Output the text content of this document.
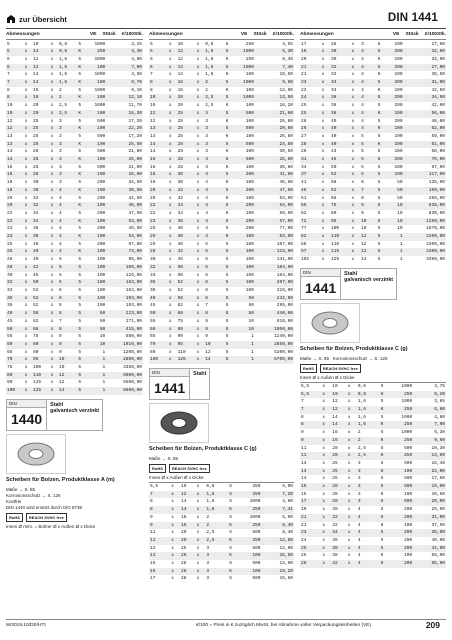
zur Übersicht	DIN 1441
Abmessungen	VE Stück €/100Stk.
5	x	10	x	0,8	5	1000	3,25
5	x	14	x	0,8	K	250	4,40
6	x	12	x	1,6	5	1000	4,80
6	x	12	x	1,6	K	100	7,00
7	x	14	x	1,6	5	1000	4,50
7	x	14	x	1,6	K	100	9,70
8	x	16	x	2	5	1000	9,10
8	x	16	x	2	K	100	12,10
10	x	20	x	2,5	5	1000	11,70
10	x	20	x	2,5	K	100	16,30
12	x	25	x	3	5	500	17,20
12	x	25	x	3	K	100	22,20
13	x	25	x	3	5	500	17,20
13	x	25	x	3	K	100	25,50
14	x	28	x	3	5	500	21,00
14	x	28	x	3	K	100	26,00
16	x	28	x	3	5	500	21,00
16	x	28	x	3	K	100	26,00
18	x	30	x	3	5	200	34,50
18	x	30	x	4	K	100	39,50
20	x	32	x	4	5	200	42,50
20	x	32	x	4	K	100	46,00
22	x	34	x	4	5	200	47,50
22	x	34	x	4	K	100	53,00
23	x	36	x	4	5	200	49,50
23	x	36	x	4	K	100	54,00
25	x	40	x	4	5	200	67,00
25	x	40	x	4	K	100	73,00
26	x	40	x	5	5	100	95,00
28	x	42	x	5	5	100	105,00
30	x	45	x	5	5	100	125,00
32	x	50	x	5	5	100	163,00
33	x	52	x	6	5	100	152,00
35	x	52	x	6	5	100	193,00
36	x	52	x	6	5	100	193,00
40	x	58	x	6	5	50	223,00
45	x	62	x	7	5	50	271,00
50	x	68	x	8	5	50	415,00
55	x	75	x	9	5	10	880,00
60	x	80	x	9	5	10	1010,00
65	x	90	x	9	5	1	1200,00
70	x	95	x	10	5	1	2800,00
75	x	100	x	10	5	1	3350,00
80	x	110	x	12	5	1	5000,00
90	x	125	x	12	5	1	5500,00
100	x	125	x	14	5	1	6600,00
DIN
1440
Stahl
galvanisch verzinkt
Scheiben für Bolzen, Produktklasse A (m)
Maße → S. 85
Korrosionsschutz → S. 126
Kostfrei
DIN 1440 wird ersetzt durch ISO 8738
RoHS	REACH SVHC free
Innen Ø m/m. = Bohrer Ø x Außen Ø x Dicke
Abmessungen	VE Stück €/100Stk.
5	x	10	x	0,8	K	250	4,55
5	x	12	x	1,6	5	1000	5,30
6	x	12	x	1,6	K	250	8,40
6	x	14	x	1,6	5	1000	7,40
7	x	14	x	1,6	K	100	10,50
8	x	16	x	2	5	1000	9,80
8	x	16	x	2	K	100	12,90
10	x	20	x	2,5	5	1000	13,50
10	x	20	x	2,5	K	100	18,20
12	x	25	x	3	5	500	21,80
12	x	25	x	3	K	100	26,80
13	x	25	x	3	5	500	20,60
13	x	25	x	3	K	100	26,80
14	x	28	x	3	5	500	24,50
14	x	28	x	3	K	100	30,50
16	x	28	x	3	5	500	25,80
16	x	28	x	3	K	100	30,80
18	x	30	x	4	5	200	41,80
18	x	30	x	4	K	100	46,80
20	x	32	x	4	5	200	47,50
20	x	32	x	4	K	100	53,00
22	x	34	x	4	5	200	54,00
22	x	34	x	4	K	100	59,00
23	x	36	x	4	5	200	57,00
25	x	40	x	4	5	200	77,00
25	x	40	x	4	K	100	83,00
26	x	40	x	5	5	100	107,00
28	x	42	x	5	5	100	115,00
30	x	45	x	5	5	100	141,00
32	x	50	x	5	5	100	184,00
33	x	50	x	5	5	100	184,00
35	x	52	x	6	5	100	207,00
36	x	52	x	6	5	100	216,00
40	x	58	x	6	5	50	242,00
45	x	62	x	7	5	50	295,00
50	x	68	x	8	5	50	440,00
55	x	75	x	9	5	10	810,00
60	x	80	x	9	5	10	1050,00
65	x	90	x	9	5	1	1240,00
70	x	95	x	10	5	1	2850,00
80	x	110	x	12	5	1	5200,00
100	x	125	x	14	5	1	6700,00
DIN
1441
Stahl
Scheiben für Bolzen, Produktklasse C (g)
Maße → S. 85
RoHS	REACH SVHC free
Innen Ø x Außen Ø x Dicke
5,5	x	10	x	0,8	5	250	6,00
7	x	12	x	1,6	5	250	7,20
8	x	14	x	1,6	5	1000	4,80
8	x	14	x	1,6	K	250	7,41
9	x	16	x	2	5	1000	5,90
9	x	16	x	2	K	250	8,40
11	x	20	x	2,5	5	500	8,40
11	x	20	x	2,5	K	250	12,60
13	x	25	x	3	5	500	12,00
13	x	25	x	3	K	100	16,50
15	x	28	x	3	5	500	13,60
15	x	28	x	3	K	100	19,20
17	x	28	x	3	5	500	16,50
Abmessungen	VE Stück €/100Stk.
17	x	28	x	3	K	100	27,50
19	x	30	x	4	5	200	32,60
20	x	30	x	4	K	100	34,00
21	x	32	x	4	5	200	27,00
21	x	32	x	4	K	100	38,50
23	x	34	x	4	5	200	31,00
23	x	34	x	4	K	100	42,50
24	x	36	x	4	5	200	34,50
25	x	38	x	4	5	200	42,00
25	x	38	x	4	K	100	56,00
26	x	40	x	4	5	200	48,00
26	x	40	x	4	K	100	62,00
27	x	40	x	5	5	100	59,00
28	x	40	x	5	K	100	61,00
29	x	43	x	5	5	100	66,00
31	x	45	x	5	5	200	76,00
34	x	50	x	5	5	100	97,00
37	x	52	x	6	5	100	117,00
41	x	58	x	6	5	50	135,00
46	x	62	x	7	5	50	199,00
51	x	68	x	8	5	50	285,00
56	x	75	x	9	5	10	638,00
62	x	80	x	9	5	10	830,00
72	x	95	x	10	5	10	1250,00
77	x	100	x	10	5	10	1970,00
82	x	110	x	12	5	1	2200,00
86	x	110	x	12	5	1	2300,00
97	x	115	x	12	5	1	2400,00
102	x	125	x	14	5	1	3390,00
DIN
1441
Stahl
galvanisch verzinkt
Scheiben für Bolzen, Produktklasse C (g)
Maße → S. 85 Korrosionsschutz → S. 120
RoHS	REACH SVHC free
Innen Ø x Außen Ø x Dicke
5,5	x	10	x	0,8	5	1000	3,75
5,5	x	10	x	0,8	K	250	6,20
7	x	12	x	1,6	5	1000	3,65
7	x	12	x	1,6	K	250	6,80
8	x	14	x	1,6	5	1000	4,60
8	x	14	x	1,6	K	250	7,90
9	x	16	x	2	5	1000	6,30
9	x	16	x	2	K	250	9,60
11	x	20	x	2,5	5	500	10,30
11	x	20	x	2,5	K	250	13,60
13	x	25	x	3	5	500	16,40
13	x	25	x	3	K	100	22,00
14	x	25	x	3	5	500	17,50
15	x	28	x	3	5	500	19,00
15	x	28	x	3	K	100	30,50
17	x	28	x	3	5	500	20,00
19	x	30	x	4	5	200	29,00
21	x	32	x	4	5	200	31,00
21	x	32	x	4	K	100	37,50
23	x	34	x	4	5	200	38,00
24	x	36	x	4	5	200	40,00
25	x	38	x	4	5	200	42,00
25	x	38	x	4	K	100	58,00
28	x	42	x	4	5	200	65,00
M/2019,10/DE/HTI	€/100 = Preis in € zuzüglich MwSt. bei Abnahme voller Verpackungseinheiten (VE)	209
